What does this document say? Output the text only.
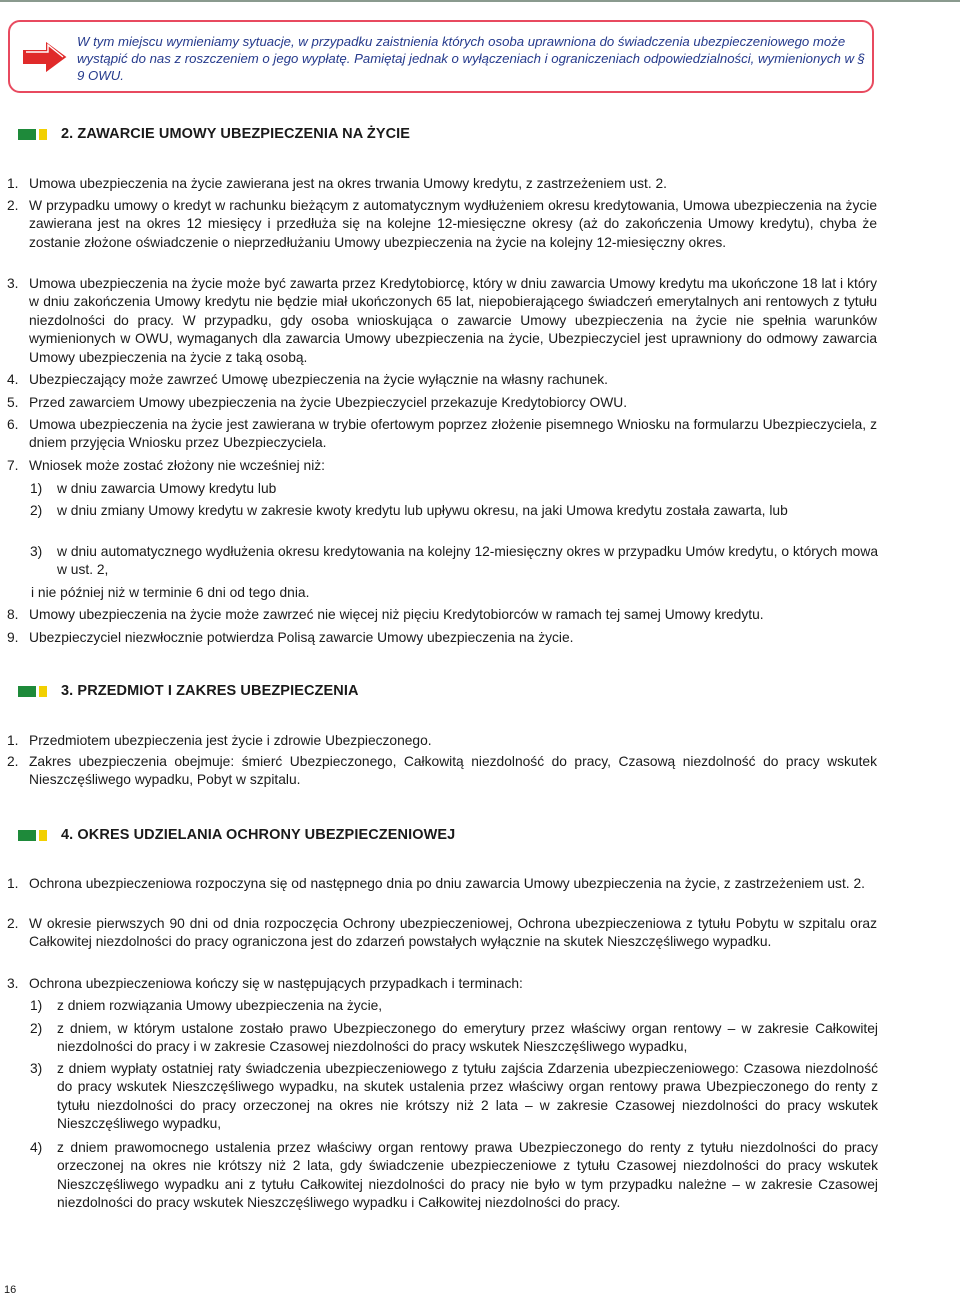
W tym miejscu wymieniamy sytuacje, w przypadku zaistnienia których osoba uprawniona do świadczenia ubezpieczeniowego może wystąpić do nas z roszczeniem o jego wypłatę. Pamiętaj jednak o wyłączeniach i ograniczeniach odpowiedzialności, wymienionych w § 9 OWU.
2. ZAWARCIE UMOWY UBEZPIECZENIA NA ŻYCIE
1. Umowa ubezpieczenia na życie zawierana jest na okres trwania Umowy kredytu, z zastrzeżeniem ust. 2.
2. W przypadku umowy o kredyt w rachunku bieżącym z automatycznym wydłużeniem okresu kredytowania, Umowa ubezpieczenia na życie zawierana jest na okres 12 miesięcy i przedłuża się na kolejne 12-miesięczne okresy (aż do zakończenia Umowy kredytu), chyba że zostanie złożone oświadczenie o nieprzedłużaniu Umowy ubezpieczenia na życie na kolejny 12-miesięczny okres.
3. Umowa ubezpieczenia na życie może być zawarta przez Kredytobiorcę, który w dniu zawarcia Umowy kredytu ma ukończone 18 lat i który w dniu zakończenia Umowy kredytu nie będzie miał ukończonych 65 lat, niepobierającego świadczeń emerytalnych ani rentowych z tytułu niezdolności do pracy. W przypadku, gdy osoba wnioskująca o zawarcie Umowy ubezpieczenia na życie nie spełnia warunków wymienionych w OWU, wymaganych dla zawarcia Umowy ubezpieczenia na życie, Ubezpieczyciel jest uprawniony do odmowy zawarcia Umowy ubezpieczenia na życie z taką osobą.
4. Ubezpieczający może zawrzeć Umowę ubezpieczenia na życie wyłącznie na własny rachunek.
5. Przed zawarciem Umowy ubezpieczenia na życie Ubezpieczyciel przekazuje Kredytobiorcy OWU.
6. Umowa ubezpieczenia na życie jest zawierana w trybie ofertowym poprzez złożenie pisemnego Wniosku na formularzu Ubezpieczyciela, z dniem przyjęcia Wniosku przez Ubezpieczyciela.
7. Wniosek może zostać złożony nie wcześniej niż:
1) w dniu zawarcia Umowy kredytu lub
2) w dniu zmiany Umowy kredytu w zakresie kwoty kredytu lub upływu okresu, na jaki Umowa kredytu została zawarta, lub
3) w dniu automatycznego wydłużenia okresu kredytowania na kolejny 12-miesięczny okres w przypadku Umów kredytu, o których mowa w ust. 2,
i nie później niż w terminie 6 dni od tego dnia.
8. Umowy ubezpieczenia na życie może zawrzeć nie więcej niż pięciu Kredytobiorców w ramach tej samej Umowy kredytu.
9. Ubezpieczyciel niezwłocznie potwierdza Polisą zawarcie Umowy ubezpieczenia na życie.
3. PRZEDMIOT I ZAKRES UBEZPIECZENIA
1. Przedmiotem ubezpieczenia jest życie i zdrowie Ubezpieczonego.
2. Zakres ubezpieczenia obejmuje: śmierć Ubezpieczonego, Całkowitą niezdolność do pracy, Czasową niezdolność do pracy wskutek Nieszczęśliwego wypadku, Pobyt w szpitalu.
4. OKRES UDZIELANIA OCHRONY UBEZPIECZENIOWEJ
1. Ochrona ubezpieczeniowa rozpoczyna się od następnego dnia po dniu zawarcia Umowy ubezpieczenia na życie, z zastrzeżeniem ust. 2.
2. W okresie pierwszych 90 dni od dnia rozpoczęcia Ochrony ubezpieczeniowej, Ochrona ubezpieczeniowa z tytułu Pobytu w szpitalu oraz Całkowitej niezdolności do pracy ograniczona jest do zdarzeń powstałych wyłącznie na skutek Nieszczęśliwego wypadku.
3. Ochrona ubezpieczeniowa kończy się w następujących przypadkach i terminach:
1) z dniem rozwiązania Umowy ubezpieczenia na życie,
2) z dniem, w którym ustalone zostało prawo Ubezpieczonego do emerytury przez właściwy organ rentowy – w zakresie Całkowitej niezdolności do pracy i w zakresie Czasowej niezdolności do pracy wskutek Nieszczęśliwego wypadku,
3) z dniem wypłaty ostatniej raty świadczenia ubezpieczeniowego z tytułu zajścia Zdarzenia ubezpieczeniowego: Czasowa niezdolność do pracy wskutek Nieszczęśliwego wypadku, na skutek ustalenia przez właściwy organ rentowy prawa Ubezpieczonego do renty z tytułu niezdolności do pracy orzeczonej na okres nie krótszy niż 2 lata – w zakresie Czasowej niezdolności do pracy wskutek Nieszczęśliwego wypadku,
4) z dniem prawomocnego ustalenia przez właściwy organ rentowy prawa Ubezpieczonego do renty z tytułu niezdolności do pracy orzeczonej na okres nie krótszy niż 2 lata, gdy świadczenie ubezpieczeniowe z tytułu Czasowej niezdolności do pracy wskutek Nieszczęśliwego wypadku ani z tytułu Całkowitej niezdolności do pracy nie było w tym przypadku należne – w zakresie Czasowej niezdolności do pracy wskutek Nieszczęśliwego wypadku i Całkowitej niezdolności do pracy.
16
